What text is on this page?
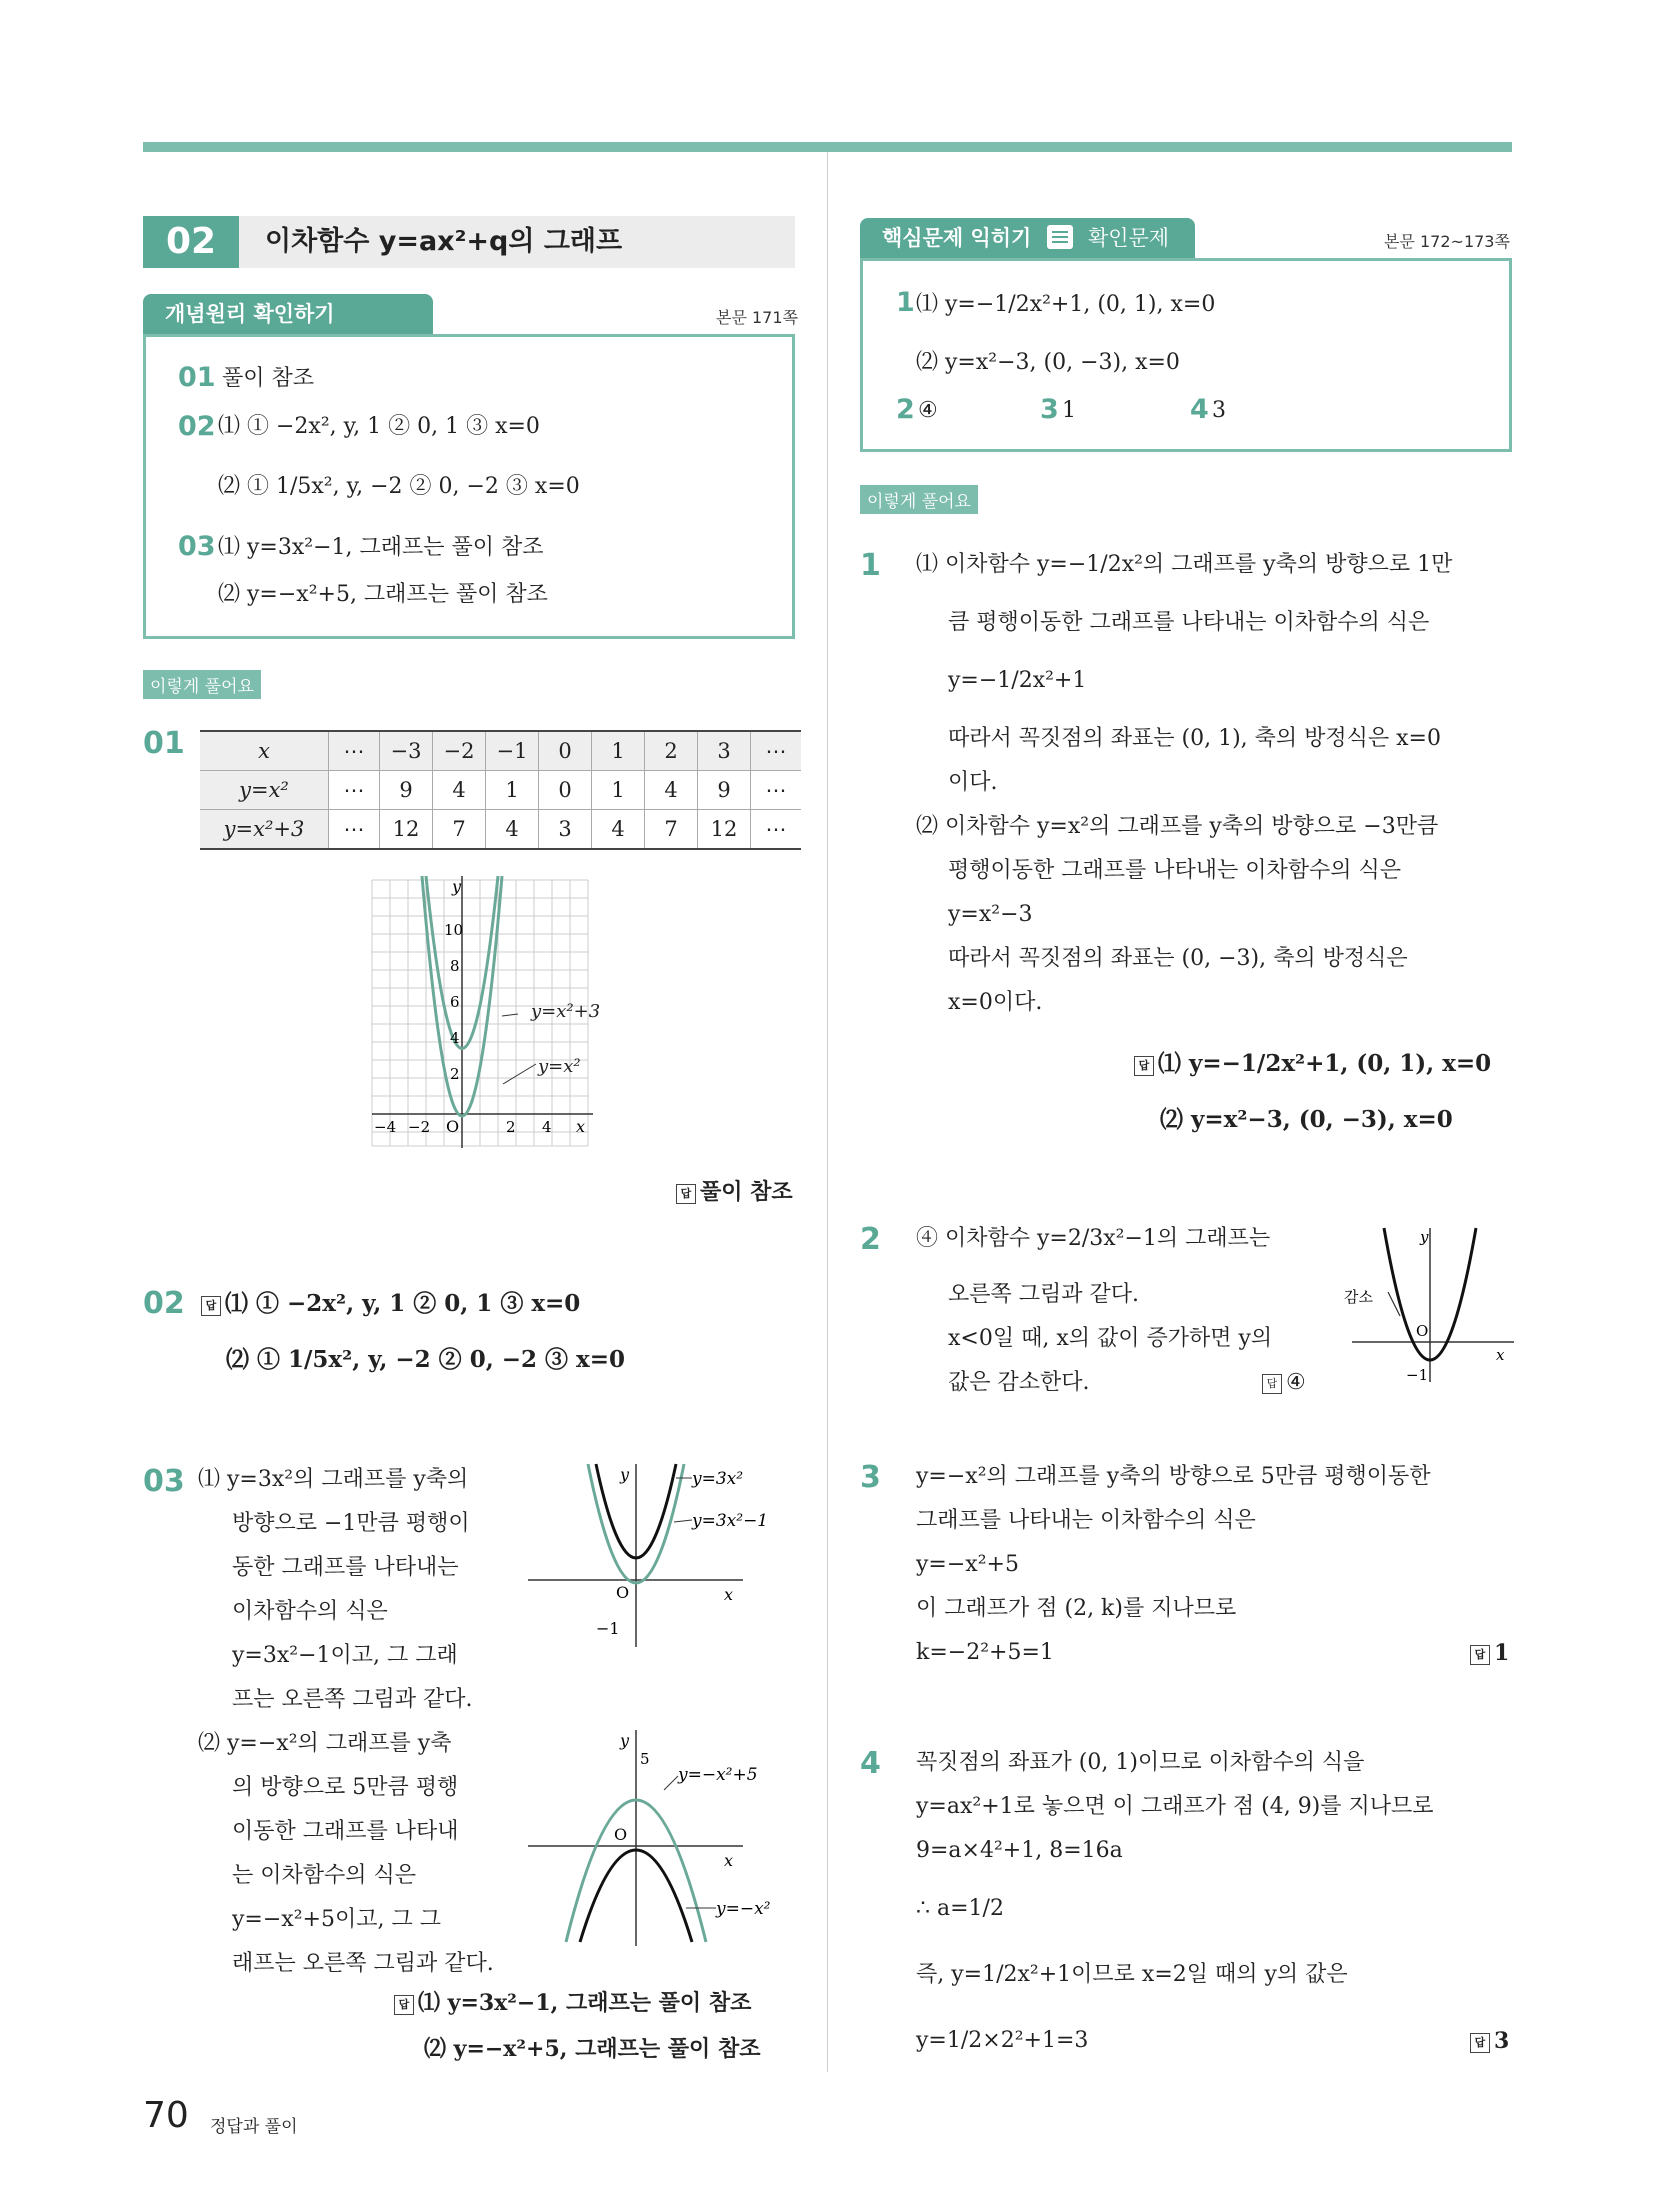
02	이차함수 y=ax²+q의 그래프
개념원리 확인하기	본문 171쪽
01 풀이 참조
02 ⑴ ① −2x², y, 1 ② 0, 1 ③ x=0
⑵ ① 1/5x², y, −2 ② 0, −2 ③ x=0
03 ⑴ y=3x²−1, 그래프는 풀이 참조
⑵ y=−x²+5, 그래프는 풀이 참조
이렇게 풀어요
01	x	⋯	−3	−2	−1	0	1	2	3	⋯
y=x²	⋯	9	4	1	0	1	4	9	⋯
y=x²+3	⋯	12	7	4	3	4	7	12	⋯
y
x
O
10
8
6
4
2
−4 −2	2 4
y=x²+3
y=x²
답 풀이 참조
02	답 ⑴ ① −2x², y, 1 ② 0, 1 ③ x=0
⑵ ① 1/5x², y, −2 ② 0, −2 ③ x=0
03 ⑴ y=3x²의 그래프를 y축의
방향으로 −1만큼 평행이
동한 그래프를 나타내는
이차함수의 식은
y=3x²−1이고, 그 그래
프는 오른쪽 그림과 같다.
⑵ y=−x²의 그래프를 y축
의 방향으로 5만큼 평행
이동한 그래프를 나타내
는 이차함수의 식은
y=−x²+5이고, 그 그
래프는 오른쪽 그림과 같다.
y
x
O
−1
y=3x²
y=3x²−1
y
x
O
5
y=−x²+5
y=−x²
답 ⑴ y=3x²−1, 그래프는 풀이 참조
⑵ y=−x²+5, 그래프는 풀이 참조
70 정답과 풀이
핵심문제 익히기	확인문제	본문 172~173쪽
1 ⑴ y=−1/2x²+1, (0, 1), x=0
⑵ y=x²−3, (0, −3), x=0
2 ④	3 1	4 3
이렇게 풀어요
1 ⑴ 이차함수 y=−1/2x²의 그래프를 y축의 방향으로 1만
큼 평행이동한 그래프를 나타내는 이차함수의 식은
y=−1/2x²+1
따라서 꼭짓점의 좌표는 (0, 1), 축의 방정식은 x=0
이다.
⑵ 이차함수 y=x²의 그래프를 y축의 방향으로 −3만큼
평행이동한 그래프를 나타내는 이차함수의 식은
y=x²−3
따라서 꼭짓점의 좌표는 (0, −3), 축의 방정식은
x=0이다.
답 ⑴ y=−1/2x²+1, (0, 1), x=0
⑵ y=x²−3, (0, −3), x=0
2 ④ 이차함수 y=2/3x²−1의 그래프는
오른쪽 그림과 같다.
x<0일 때, x의 값이 증가하면 y의
값은 감소한다.	답 ④
y
x
O
−1
감소
3 y=−x²의 그래프를 y축의 방향으로 5만큼 평행이동한
그래프를 나타내는 이차함수의 식은
y=−x²+5
이 그래프가 점 (2, k)를 지나므로
k=−2²+5=1	답 1
4 꼭짓점의 좌표가 (0, 1)이므로 이차함수의 식을
y=ax²+1로 놓으면 이 그래프가 점 (4, 9)를 지나므로
9=a×4²+1, 8=16a
∴ a=1/2
즉, y=1/2x²+1이므로 x=2일 때의 y의 값은
y=1/2×2²+1=3	답 3
